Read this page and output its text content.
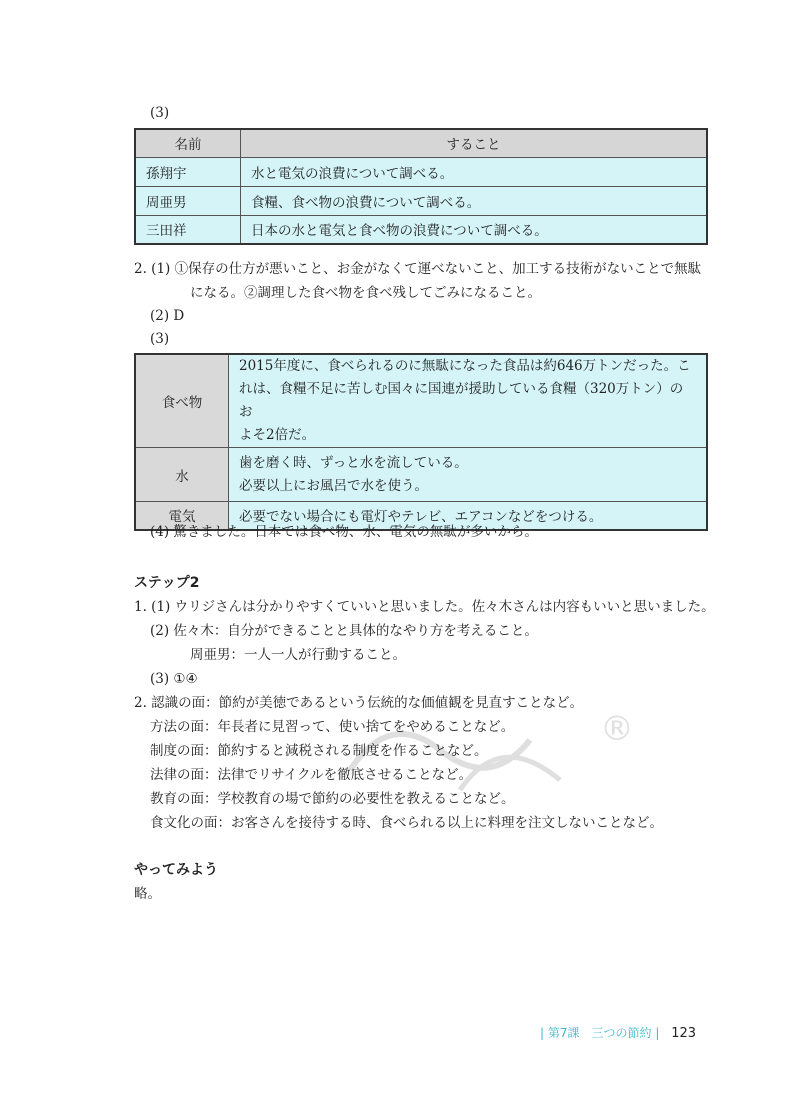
(3)
名前	すること
孫翔宇	水と電気の浪費について調べる。
周亜男	食糧、食べ物の浪費について調べる。
三田祥	日本の水と電気と食べ物の浪費について調べる。
2. (1) ①保存の仕方が悪いこと、お金がなくて運べないこと、加工する技術がないことで無駄
になる。②調理した食べ物を食べ残してごみになること。
(2) D
(3)
食べ物	2015年度に、食べられるのに無駄になった食品は約646万トンだった。こ
れは、食糧不足に苦しむ国々に国連が援助している食糧（320万トン）のお
よそ2倍だ。

水	歯を磨く時、ずっと水を流している。
必要以上にお風呂で水を使う。

電気	必要でない場合にも電灯やテレビ、エアコンなどをつける。
(4) 驚きました。日本では食べ物、水、電気の無駄が多いから。
ステップ2
1. (1) ウリジさんは分かりやすくていいと思いました。佐々木さんは内容もいいと思いました。
(2) 佐々木：自分ができることと具体的なやり方を考えること。
周亜男：一人一人が行動すること。
(3) ①④
2. 認識の面：節約が美徳であるという伝統的な価値観を見直すことなど。
方法の面：年長者に見習って、使い捨てをやめることなど。
制度の面：節約すると減税される制度を作ることなど。
法律の面：法律でリサイクルを徹底させることなど。
教育の面：学校教育の場で節約の必要性を教えることなど。
食文化の面：お客さんを接待する時、食べられる以上に料理を注文しないことなど。
やってみよう
略。
®
| 第7課　三つの節約 | 123
